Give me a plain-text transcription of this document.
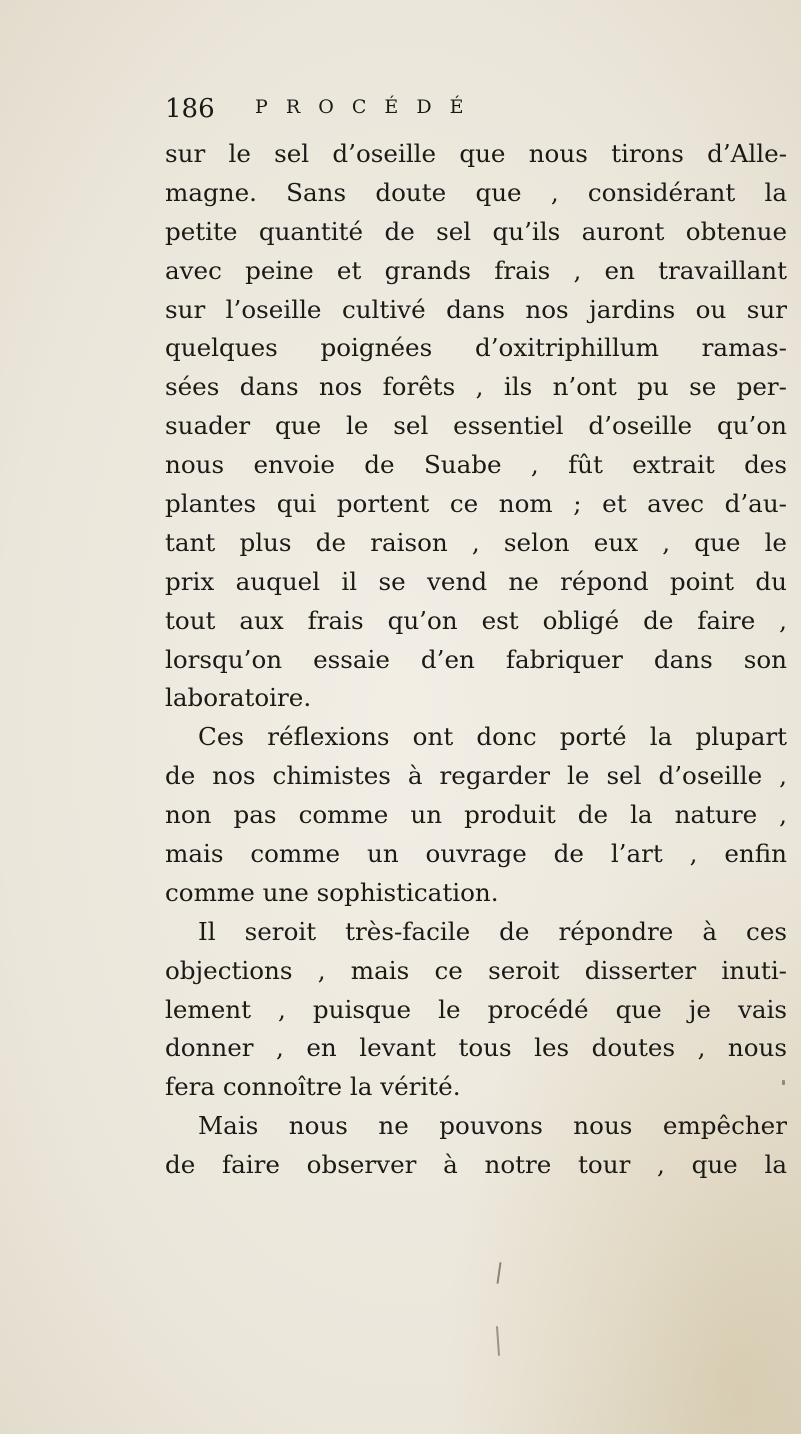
186 PROCÉDÉ
sur le sel d’oseille que nous tirons d’Alle-
magne. Sans doute que , considérant la
petite quantité de sel qu’ils auront obtenue
avec peine et grands frais , en travaillant
sur l’oseille cultivé dans nos jardins ou sur
quelques poignées d’oxitriphillum ramas-
sées dans nos forêts , ils n’ont pu se per-
suader que le sel essentiel d’oseille qu’on
nous envoie de Suabe , fût extrait des
plantes qui portent ce nom ; et avec d’au-
tant plus de raison , selon eux , que le
prix auquel il se vend ne répond point du
tout aux frais qu’on est obligé de faire ,
lorsqu’on essaie d’en fabriquer dans son
laboratoire.
Ces réflexions ont donc porté la plupart
de nos chimistes à regarder le sel d’oseille ,
non pas comme un produit de la nature ,
mais comme un ouvrage de l’art , enfin
comme une sophistication.
Il seroit très-facile de répondre à ces
objections , mais ce seroit disserter inuti-
lement , puisque le procédé que je vais
donner , en levant tous les doutes , nous
fera connoître la vérité.
Mais nous ne pouvons nous empêcher
de faire observer à notre tour , que la
